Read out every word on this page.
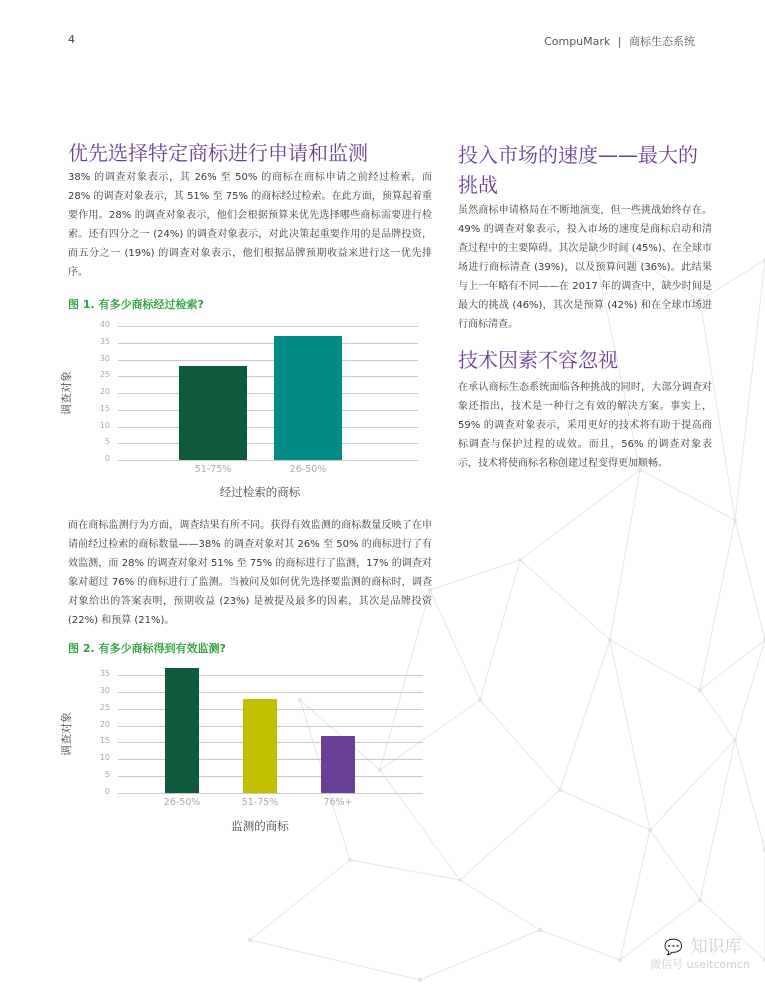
4	CompuMark | 商标生态系统
优先选择特定商标进行申请和监测

38% 的调查对象表示，其 26% 至 50% 的商标在商标申请之前经过检索，而 28% 的调查对象表示，其 51% 至 75% 的商标经过检索。在此方面，预算起着重要作用。28% 的调查对象表示，他们会根据预算来优先选择哪些商标需要进行检索。还有四分之一 (24%) 的调查对象表示，对此决策起重要作用的是品牌投资，而五分之一 (19%) 的调查对象表示，他们根据品牌预期收益来进行这一优先排序。

图 1. 有多少商标经过检索?
40
35
30
25
20
15
10
5
0
51-75%	26-50%
调查对象
经过检索的商标

而在商标监测行为方面，调查结果有所不同。获得有效监测的商标数量反映了在申请前经过检索的商标数量——38% 的调查对象对其 26% 至 50% 的商标进行了有效监测，而 28% 的调查对象对 51% 至 75% 的商标进行了监测，17% 的调查对象对超过 76% 的商标进行了监测。当被问及如何优先选择要监测的商标时，调查对象给出的答案表明，预期收益 (23%) 是被提及最多的因素，其次是品牌投资 (22%) 和预算 (21%)。

图 2. 有多少商标得到有效监测?
35
30
25
20
15
10
5
0
26-50%	51-75%	76%+
调查对象
监测的商标
投入市场的速度——最大的挑战

虽然商标申请格局在不断地演变，但一些挑战始终存在。49% 的调查对象表示，投入市场的速度是商标启动和清查过程中的主要障碍。其次是缺少时间 (45%)、在全球市场进行商标清查 (39%)，以及预算问题 (36%)。此结果与上一年略有不同——在 2017 年的调查中，缺少时间是最大的挑战 (46%)，其次是预算 (42%) 和在全球市场进行商标清查。

技术因素不容忽视

在承认商标生态系统面临各种挑战的同时，大部分调查对象还指出，技术是一种行之有效的解决方案。事实上，59% 的调查对象表示，采用更好的技术将有助于提高商标调查与保护过程的成效。而且，56% 的调查对象表示，技术将使商标名称创建过程变得更加顺畅。

💬 知识库
微信号 useitcomcn
